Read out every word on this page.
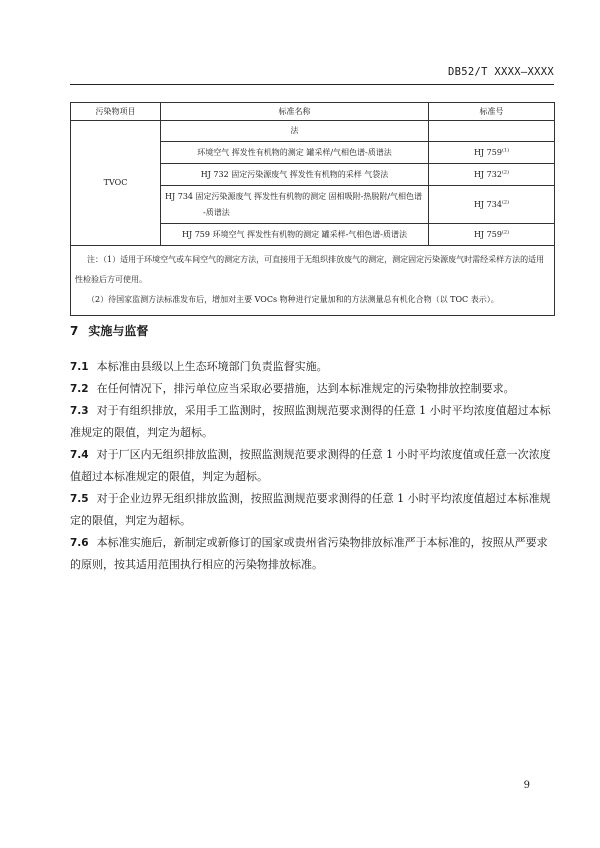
DB52/T XXXX—XXXX
污染物项目	标准名称	标准号
TVOC	法	
	环境空气 挥发性有机物的测定 罐采样/气相色谱-质谱法	HJ 759$^{(1)}$
	HJ 732 固定污染源废气 挥发性有机物的采样 气袋法	HJ 732$^{(2)}$

	HJ 734 固定污染源废气 挥发性有机物的测定 固相吸附-热脱附/气相色谱
-质谱法	HJ 734$^{(2)}$
	HJ 759 环境空气 挥发性有机物的测定 罐采样-气相色谱-质谱法	HJ 759$^{(2)}$

注：（1）适用于环境空气或车间空气的测定方法，可直接用于无组织排放废气的测定，测定固定污染源废气时需经采样方法的适用性检验后方可使用。

（2）待国家监测方法标准发布后，增加对主要 VOCs 物种进行定量加和的方法测量总有机化合物（以 TOC 表示）。		

7 实施与监督

7.1 本标准由县级以上生态环境部门负责监督实施。

7.2 在任何情况下，排污单位应当采取必要措施，达到本标准规定的污染物排放控制要求。

7.3 对于有组织排放，采用手工监测时，按照监测规范要求测得的任意 1 小时平均浓度值超过本标准规定的限值，判定为超标。

7.4 对于厂区内无组织排放监测，按照监测规范要求测得的任意 1 小时平均浓度值或任意一次浓度值超过本标准规定的限值，判定为超标。

7.5 对于企业边界无组织排放监测，按照监测规范要求测得的任意 1 小时平均浓度值超过本标准规定的限值，判定为超标。

7.6 本标准实施后，新制定或新修订的国家或贵州省污染物排放标准严于本标准的，按照从严要求的原则，按其适用范围执行相应的污染物排放标准。

9
